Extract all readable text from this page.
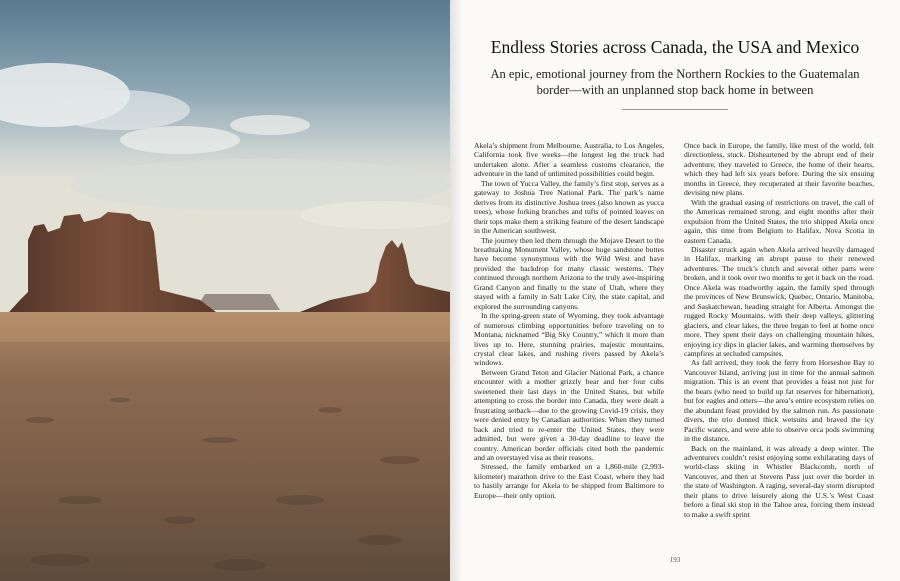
Endless Stories across Canada, the USA and Mexico
An epic, emotional journey from the Northern Rockies to the Guatemalan border—with an unplanned stop back home in between

Akela’s shipment from Melbourne, Australia, to Los Angeles, California took five weeks—the longest leg the truck had undertaken alone. After a seamless customs clearance, the adventure in the land of unlimited possibilities could begin.

The town of Yucca Valley, the family’s first stop, serves as a gateway to Joshua Tree National Park. The park’s name derives from its distinctive Joshua trees (also known as yucca trees), whose forking branches and tufts of pointed leaves on their tops make them a striking feature of the desert landscape in the American southwest.

The journey then led them through the Mojave Desert to the breathtaking Monument Valley, whose huge sandstone buttes have become synonymous with the Wild West and have provided the backdrop for many classic westerns. They continued through northern Arizona to the truly awe-inspiring Grand Canyon and finally to the state of Utah, where they stayed with a family in Salt Lake City, the state capital, and explored the surrounding canyons.

In the spring-green state of Wyoming, they took advantage of numerous climbing opportunities before traveling on to Montana, nicknamed “Big Sky Country,” which it more than lives up to. Here, stunning prairies, majestic mountains, crystal clear lakes, and rushing rivers passed by Akela’s windows.

Between Grand Teton and Glacier National Park, a chance encounter with a mother grizzly bear and her four cubs sweetened their last days in the United States, but while attempting to cross the border into Canada, they were dealt a frustrating setback—due to the growing Covid-19 crisis, they were denied entry by Canadian authorities. When they turned back and tried to re-enter the United States, they were admitted, but were given a 30-day deadline to leave the country. American border officials cited both the pandemic and an overstayed visa as their reasons.

Stressed, the family embarked on a 1,860-mile (2,993-kilometer) marathon drive to the East Coast, where they had to hastily arrange for Akela to be shipped from Baltimore to Europe—their only option.

Once back in Europe, the family, like most of the world, felt directionless, stuck. Disheartened by the abrupt end of their adventure, they traveled to Greece, the home of their hearts, which they had left six years before. During the six ensuing months in Greece, they recuperated at their favorite beaches, devising new plans.

With the gradual easing of restrictions on travel, the call of the Americas remained strong, and eight months after their expulsion from the United States, the trio shipped Akela once again, this time from Belgium to Halifax, Nova Scotia in eastern Canada.

Disaster struck again when Akela arrived heavily damaged in Halifax, marking an abrupt pause to their renewed adventures. The truck’s clutch and several other parts were broken, and it took over two months to get it back on the road. Once Akela was roadworthy again, the family sped through the provinces of New Brunswick, Quebec, Ontario, Manitoba, and Saskatchewan, heading straight for Alberta. Amongst the rugged Rocky Mountains, with their deep valleys, glittering glaciers, and clear lakes, the three began to feel at home once more. They spent their days on challenging mountain hikes, enjoying icy dips in glacier lakes, and warming themselves by campfires at secluded campsites.

As fall arrived, they took the ferry from Horseshoe Bay to Vancouver Island, arriving just in time for the annual salmon migration. This is an event that provides a feast not just for the bears (who need to build up fat reserves for hibernation), but for eagles and otters—the area’s entire ecosystem relies on the abundant feast provided by the salmon run. As passionate divers, the trio donned thick wetsuits and braved the icy Pacific waters, and were able to observe orca pods swimming in the distance.

Back on the mainland, it was already a deep winter. The adventurers couldn’t resist enjoying some exhilarating days of world-class skiing in Whistler Blackcomb, north of Vancouver, and then at Stevens Pass just over the border in the state of Washington. A raging, several-day storm disrupted their plans to drive leisurely along the U.S.’s West Coast before a final ski stop in the Tahoe area, forcing them instead to make a swift sprint

193
